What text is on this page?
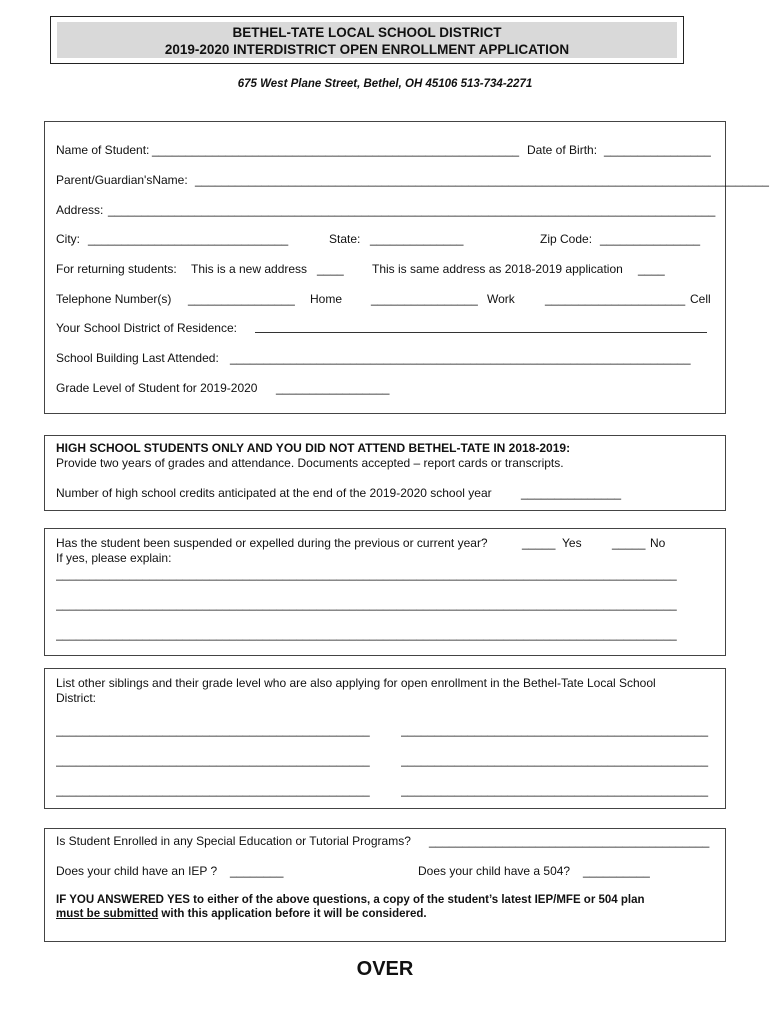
BETHEL-TATE LOCAL SCHOOL DISTRICT
2019-2020 INTERDISTRICT OPEN ENROLLMENT APPLICATION
675 West Plane Street, Bethel, OH 45106 513-734-2271
Name of Student: _______________________________________________________ Date of Birth: ________________
Parent/Guardian'sName: ______________________________________________________________________________________
Address: ___________________________________________________________________________________________
City: ______________________________	State: ______________	Zip Code: _______________
For returning students: This is a new address ____ This is same address as 2018-2019 application ____
Telephone Number(s) ________________ Home ________________ Work	_____________________ Cell
Your School District of Residence:
School Building Last Attended: _____________________________________________________________________
Grade Level of Student for 2019-2020 _________________
HIGH SCHOOL STUDENTS ONLY AND YOU DID NOT ATTEND BETHEL-TATE IN 2018-2019:
Provide two years of grades and attendance. Documents accepted – report cards or transcripts.
Number of high school credits anticipated at the end of the 2019-2020 school year _______________
Has the student been suspended or expelled during the previous or current year?	_____ Yes	_____ No
If yes, please explain:
_____________________________________________________________________________________________
_____________________________________________________________________________________________
_____________________________________________________________________________________________
List other siblings and their grade level who are also applying for open enrollment in the Bethel-Tate Local School
District:
_______________________________________________	______________________________________________
_______________________________________________	______________________________________________
_______________________________________________	______________________________________________
Is Student Enrolled in any Special Education or Tutorial Programs? __________________________________________
Does your child have an IEP ? ________	Does your child have a 504? __________
IF YOU ANSWERED YES to either of the above questions, a copy of the student’s latest IEP/MFE or 504 plan
must be submitted with this application before it will be considered.
OVER
